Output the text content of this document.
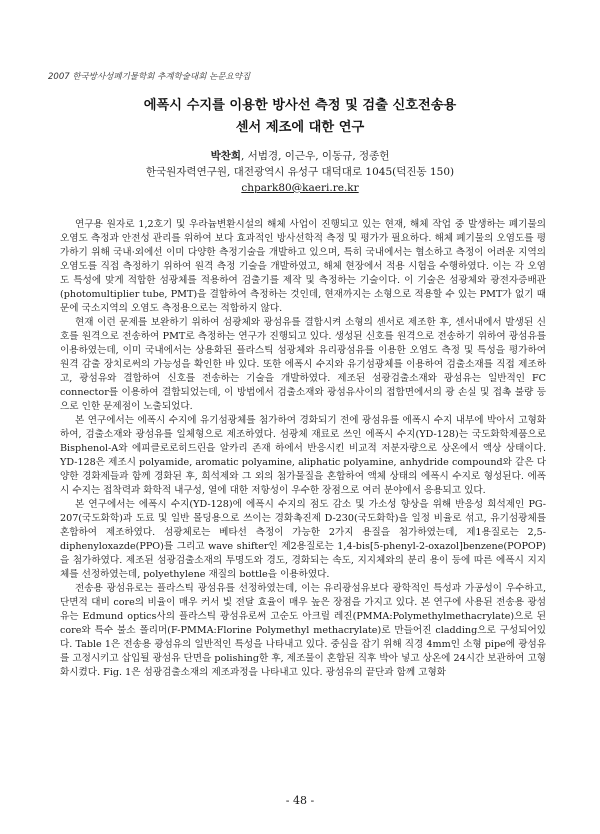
2007 한국방사성폐기물학회 추계학술대회 논문요약집
에폭시 수지를 이용한 방사선 측정 및 검출 신호전송용
센서 제조에 대한 연구
박찬희, 서범경, 이근우, 이동규, 정종헌
한국원자력연구원, 대전광역시 유성구 대덕대로 1045(덕진동 150)
chpark80@kaeri.re.kr

연구용 원자로 1,2호기 및 우라늄변환시설의 해체 사업이 진행되고 있는 현재, 해체 작업 중 발생하는 폐기물의 오염도 측정과 안전성 관리를 위하여 보다 효과적인 방사선학적 측정 및 평가가 필요하다. 해체 폐기물의 오염도를 평가하기 위해 국내·외에선 이미 다양한 측정기술을 개발하고 있으며, 특히 국내에서는 협소하고 측정이 어려운 지역의 오염도를 직접 측정하기 위하여 원격 측정 기술을 개발하였고, 해체 현장에서 적용 시험을 수행하였다. 이는 각 오염도 특성에 맞게 적합한 섬광체를 적용하여 검출기를 제작 및 측정하는 기술이다. 이 기술은 섬광체와 광전자증배관(photomultiplier tube, PMT)을 결합하여 측정하는 것인데, 현재까지는 소형으로 적용할 수 있는 PMT가 없기 때문에 국소지역의 오염도 측정용으로는 적합하지 않다.

현재 이런 문제를 보완하기 위하여 섬광체와 광섬유를 결합시켜 소형의 센서로 제조한 후, 센서내에서 발생된 신호를 원격으로 전송하여 PMT로 측정하는 연구가 진행되고 있다. 생성된 신호를 원격으로 전송하기 위하여 광섬유를 이용하였는데, 이미 국내에서는 상용화된 플라스틱 섬광체와 유리광섬유를 이용한 오염도 측정 및 특성을 평가하여 원격 감출 장치로써의 가능성을 확인한 바 있다. 또한 에폭시 수지와 유기섬광체를 이용하여 검출소재를 직접 제조하고, 광섬유와 결합하여 신호를 전송하는 기술을 개발하였다. 제조된 섬광검출소재와 광섬유는 일반적인 FC connector를 이용하여 결합되었는데, 이 방법에서 검출소재와 광섬유사이의 접합면에서의 광 손실 및 접촉 불량 등으로 인한 문제점이 노출되었다.

본 연구에서는 에폭시 수지에 유기섬광체를 첨가하여 경화되기 전에 광섬유를 에폭시 수지 내부에 박아서 고형화하여, 검출소재와 광섬유를 일체형으로 제조하였다. 섬광체 재료로 쓰인 에폭시 수지(YD-128)는 국도화학제품으로 Bisphenol-A와 에피클로로히드린을 알카리 존재 하에서 반응시킨 비교적 저분자량으로 상온에서 액상 상태이다. YD-128은 제조시 polyamide, aromatic polyamine, aliphatic polyamine, anhydride compound와 같은 다양한 경화제들과 함께 경화된 후, 희석제와 그 외의 첨가물질을 혼합하여 액체 상태의 에폭시 수지로 형성된다. 에폭시 수지는 접착력과 화학적 내구성, 열에 대한 저항성이 우수한 장점으로 여러 분야에서 응용되고 있다.

본 연구에서는 에폭시 수지(YD-128)에 에폭시 수지의 점도 감소 및 가소성 향상을 위해 반응성 희석제인 PG-207(국도화학)과 도료 및 일반 몰딩용으로 쓰이는 경화촉진제 D-230(국도화학)을 일정 비율로 섞고, 유기섬광체를 혼합하여 제조하였다. 섬광체로는 베타선 측정이 가능한 2가지 용질을 첨가하였는데, 제1용질로는 2,5-diphenyloxazde(PPO)를 그리고 wave shifter인 제2용질로는 1,4-bis[5-phenyl-2-oxazol]benzene(POPOP)을 첨가하였다. 제조된 섬광검출소재의 투명도와 경도, 경화되는 속도, 지지체와의 분리 용이 등에 따른 에폭시 지지체를 선정하였는데, polyethylene 재질의 bottle을 이용하였다.

전송용 광섬유로는 플라스틱 광섬유를 선정하였는데, 이는 유리광섬유보다 광학적인 특성과 가공성이 우수하고, 단면적 대비 core의 비율이 매우 커서 빛 전달 효율이 매우 높은 장점을 가지고 있다. 본 연구에 사용된 전송용 광섬유는 Edmund optics사의 플라스틱 광섬유로써 고순도 아크릴 레진(PMMA:Polymethylmethacrylate)으로 된 core와 특수 불소 폴리머(F-PMMA:Florine Polymethyl methacrylate)로 만들어진 cladding으로 구성되어있다. Table 1은 전송용 광섬유의 일반적인 특성을 나타내고 있다. 중심을 잡기 위해 직경 4mm인 소형 pipe에 광섬유를 고정시키고 삽입될 광섬유 단면을 polishing한 후, 제조물이 혼합된 직후 박아 넣고 상온에 24시간 보관하여 고형화시켰다. Fig. 1은 섬광검출소재의 제조과정을 나타내고 있다. 광섬유의 끝단과 함께 고형화

- 48 -
